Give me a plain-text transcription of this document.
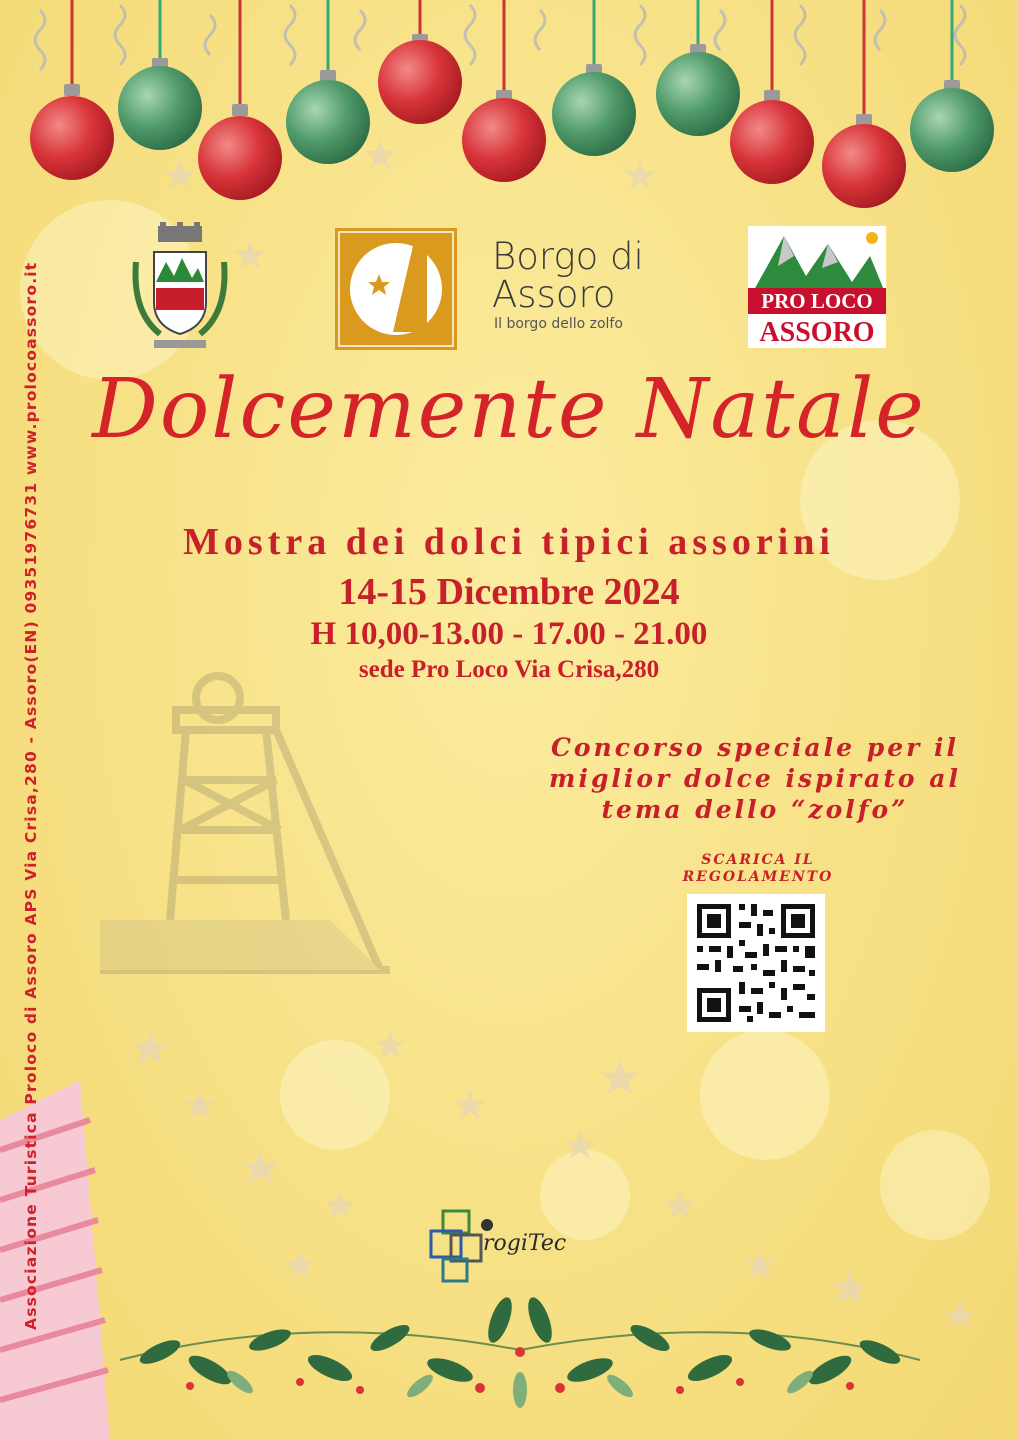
Borgo di
Assoro
Il borgo dello zolfo
PRO LOCO
ASSORO
Dolcemente Natale
Mostra dei dolci tipici assorini
14-15 Dicembre 2024
H 10,00-13.00 - 17.00 - 21.00
sede Pro Loco Via Crisa,280
Concorso speciale per il
miglior dolce ispirato al
tema dello “zolfo”
SCARICA IL
REGOLAMENTO
rogiTec
Associazione Turistica Proloco di Assoro APS Via Crisa,280 - Assoro(EN) 09351976731 www.prolocoassoro.it
